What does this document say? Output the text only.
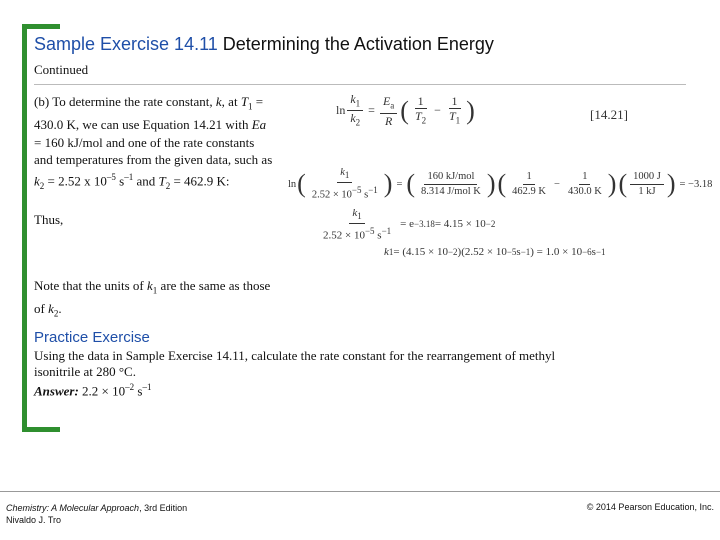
Sample Exercise 14.11 Determining the Activation Energy
Continued
(b) To determine the rate constant, k, at $T_1 = 430.0$ K, we can use Equation 14.21 with Ea = 160 kJ/mol and one of the rate constants and temperatures from the given data, such as $k_2 = 2.52$ x $10^{-5}$ $s^{-1}$ and $T_2 = 462.9$ K:
$\ln \frac{k_1}{k_2} = \frac{E_a}{R}$ ( $\frac{1}{T_2} - \frac{1}{T_1}$ )	[14.21]
ln ( $\frac{k_1}{2.52 \times 10^{-5} s^{-1}}$ ) = ( $\frac{\text{160 kJ/mol}}{\text{8.314 J/mol K}}$ ) ( $\frac{1}{462.9 K} - \frac{1}{430.0 K}$ ) ( $\frac{1000 J}{1 kJ}$ ) = −3.18
Thus,	$\frac{k_1}{2.52 \times 10^{-5} s^{-1}} = e -3.18 = 4.15 \times 10 -2$
k 1 = (4.15 × 10 −2 )(2.52 × 10 −5 s −1 ) = 1.0 × 10 −6 s −1
Note that the units of $k_1$ are the same as those of $k_2$.
Practice Exercise
Using the data in Sample Exercise 14.11, calculate the rate constant for the rearrangement of methyl isonitrile at 280 °C.
Answer: $2.2 \times 10^{-2}$ $s^{-1}$
Chemistry: A Molecular Approach, 3rd Edition
Nivaldo J. Tro
© 2014 Pearson Education, Inc.
